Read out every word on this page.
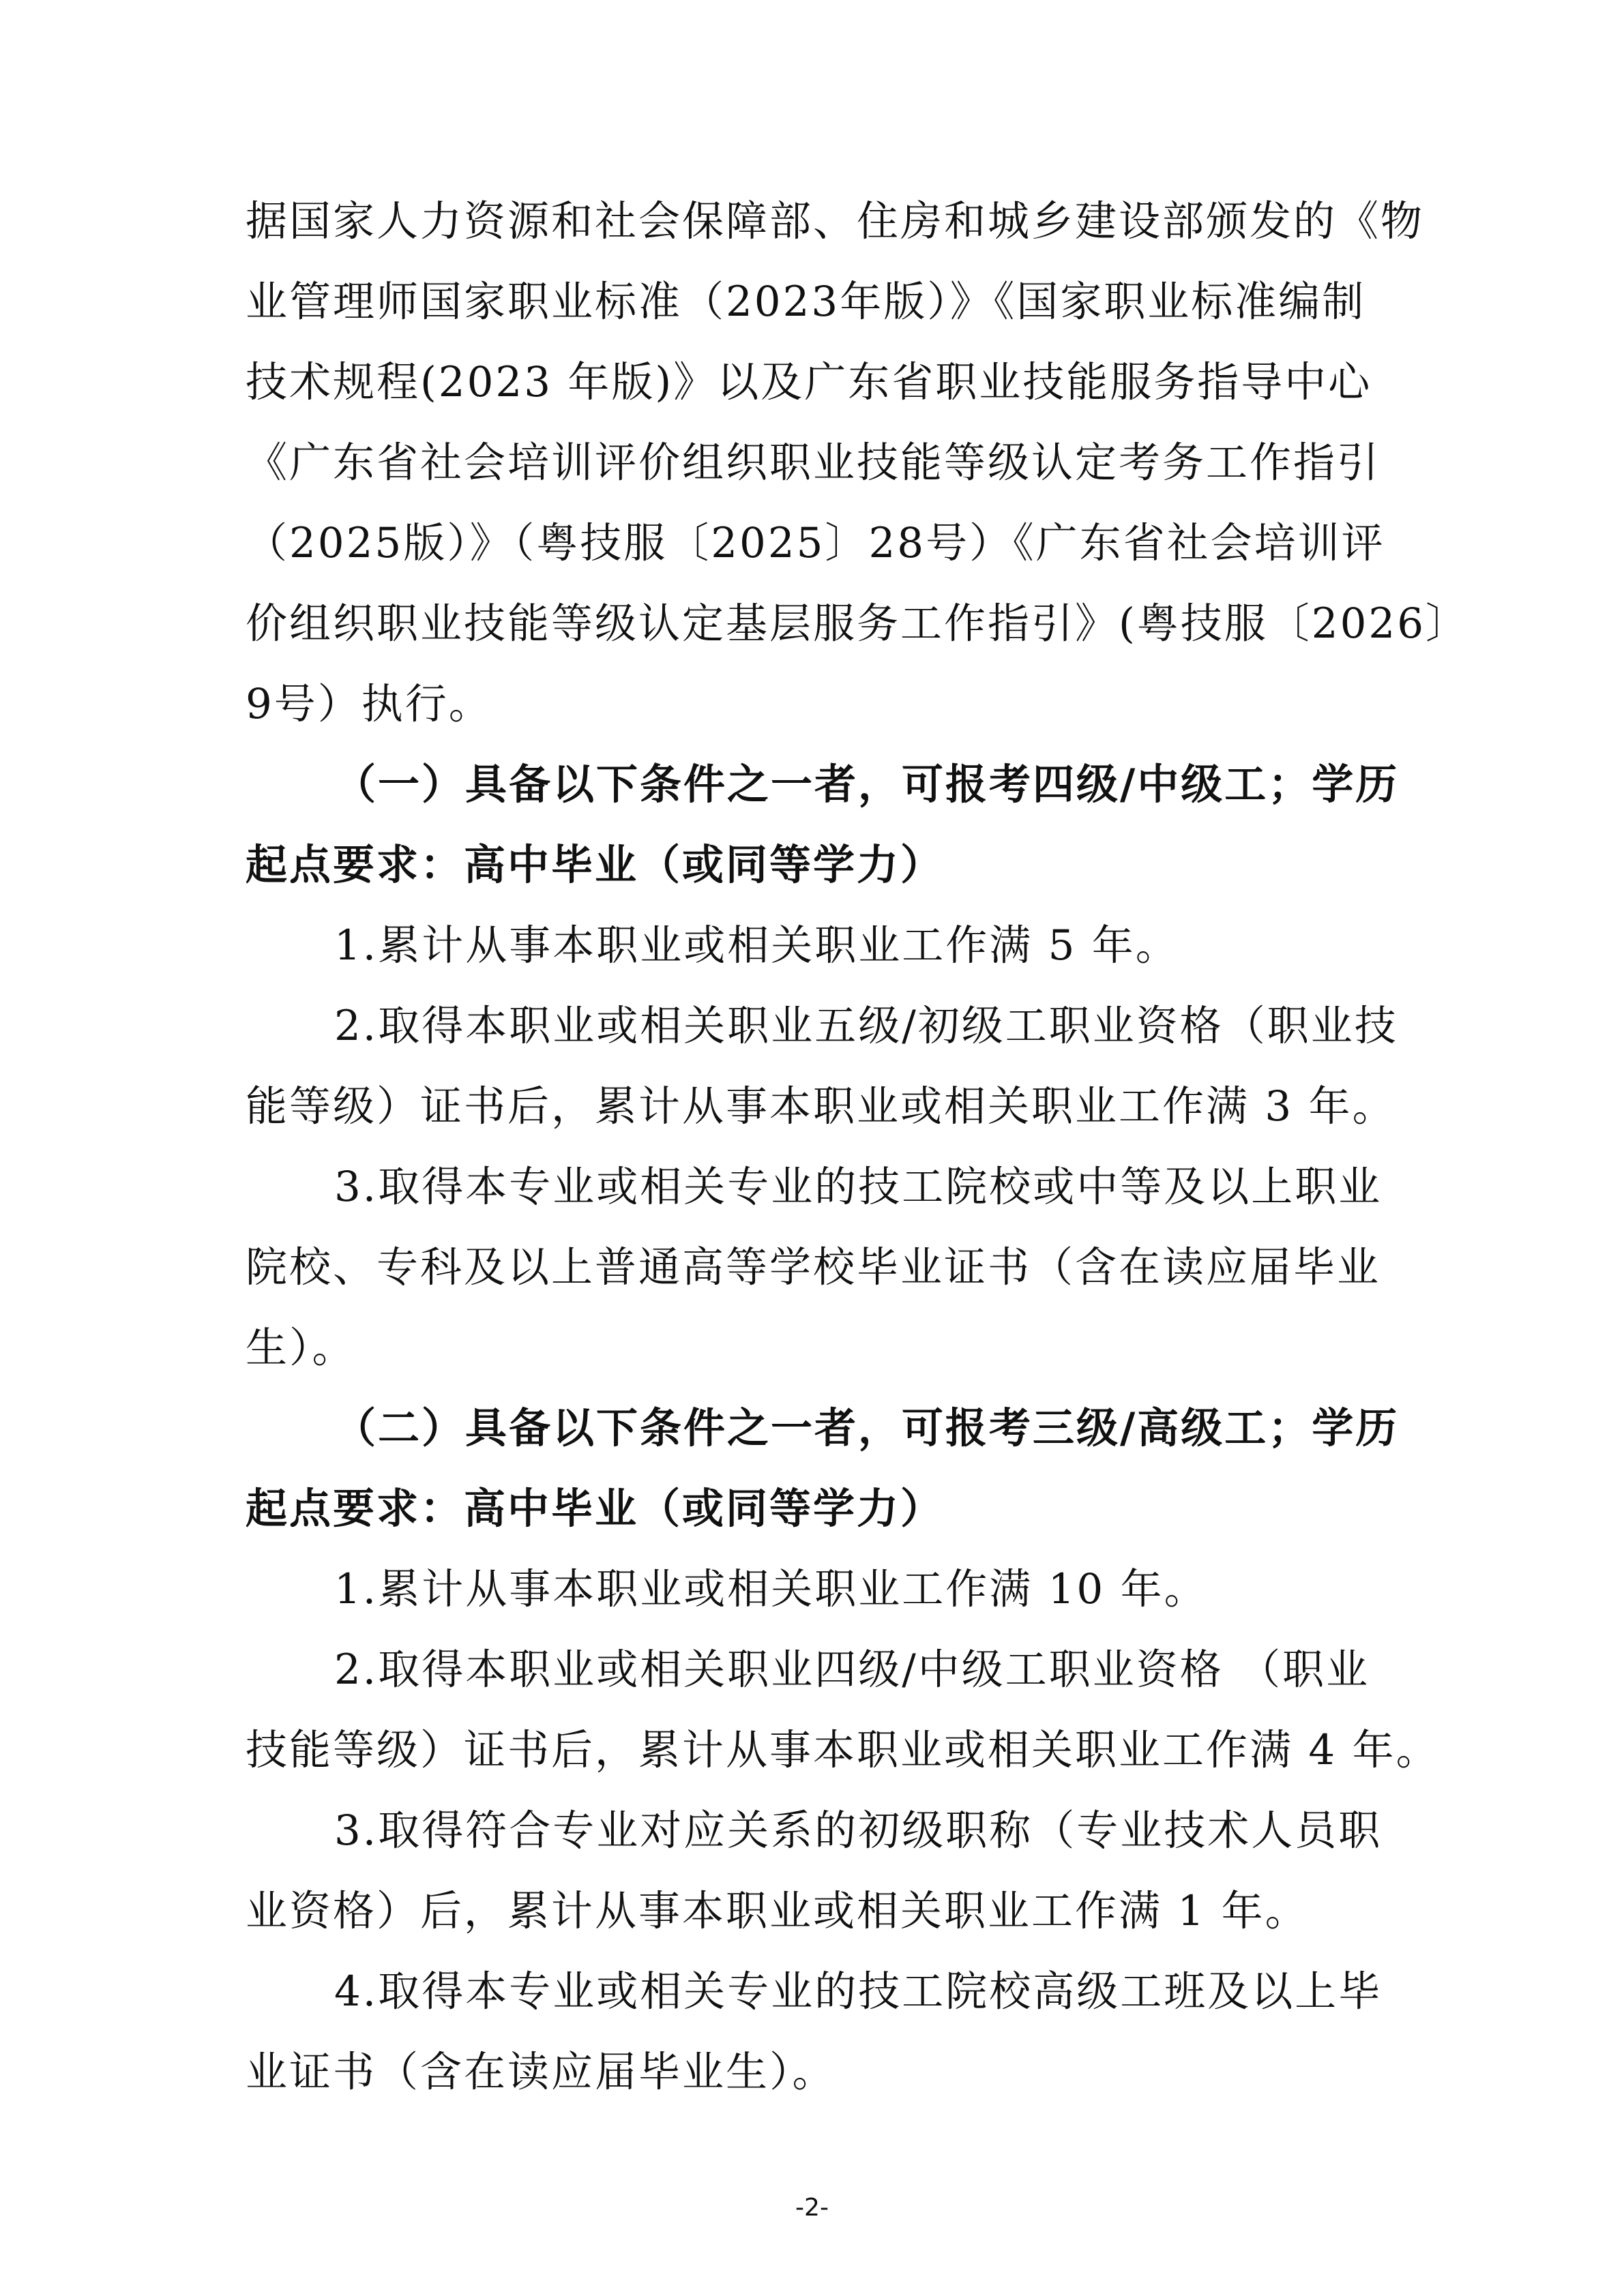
据国家人力资源和社会保障部、住房和城乡建设部颁发的《物
业管理师国家职业标准（2023年版）》《国家职业标准编制
技术规程(2023 年版)》以及广东省职业技能服务指导中心
《广东省社会培训评价组织职业技能等级认定考务工作指引
（2025版）》（粤技服〔2025〕28号）《广东省社会培训评
价组织职业技能等级认定基层服务工作指引》(粤技服〔2026〕
9号）执行。
（一）具备以下条件之一者，可报考四级/中级工；学历
起点要求：高中毕业（或同等学力）
1.累计从事本职业或相关职业工作满 5 年。
2.取得本职业或相关职业五级/初级工职业资格（职业技
能等级）证书后，累计从事本职业或相关职业工作满 3 年。
3.取得本专业或相关专业的技工院校或中等及以上职业
院校、专科及以上普通高等学校毕业证书（含在读应届毕业
生）。
（二）具备以下条件之一者，可报考三级/高级工；学历
起点要求：高中毕业（或同等学力）
1.累计从事本职业或相关职业工作满 10 年。
2.取得本职业或相关职业四级/中级工职业资格 （职业
技能等级）证书后，累计从事本职业或相关职业工作满 4 年。
3.取得符合专业对应关系的初级职称（专业技术人员职
业资格）后，累计从事本职业或相关职业工作满 1 年。
4.取得本专业或相关专业的技工院校高级工班及以上毕
业证书（含在读应届毕业生）。
-2-
